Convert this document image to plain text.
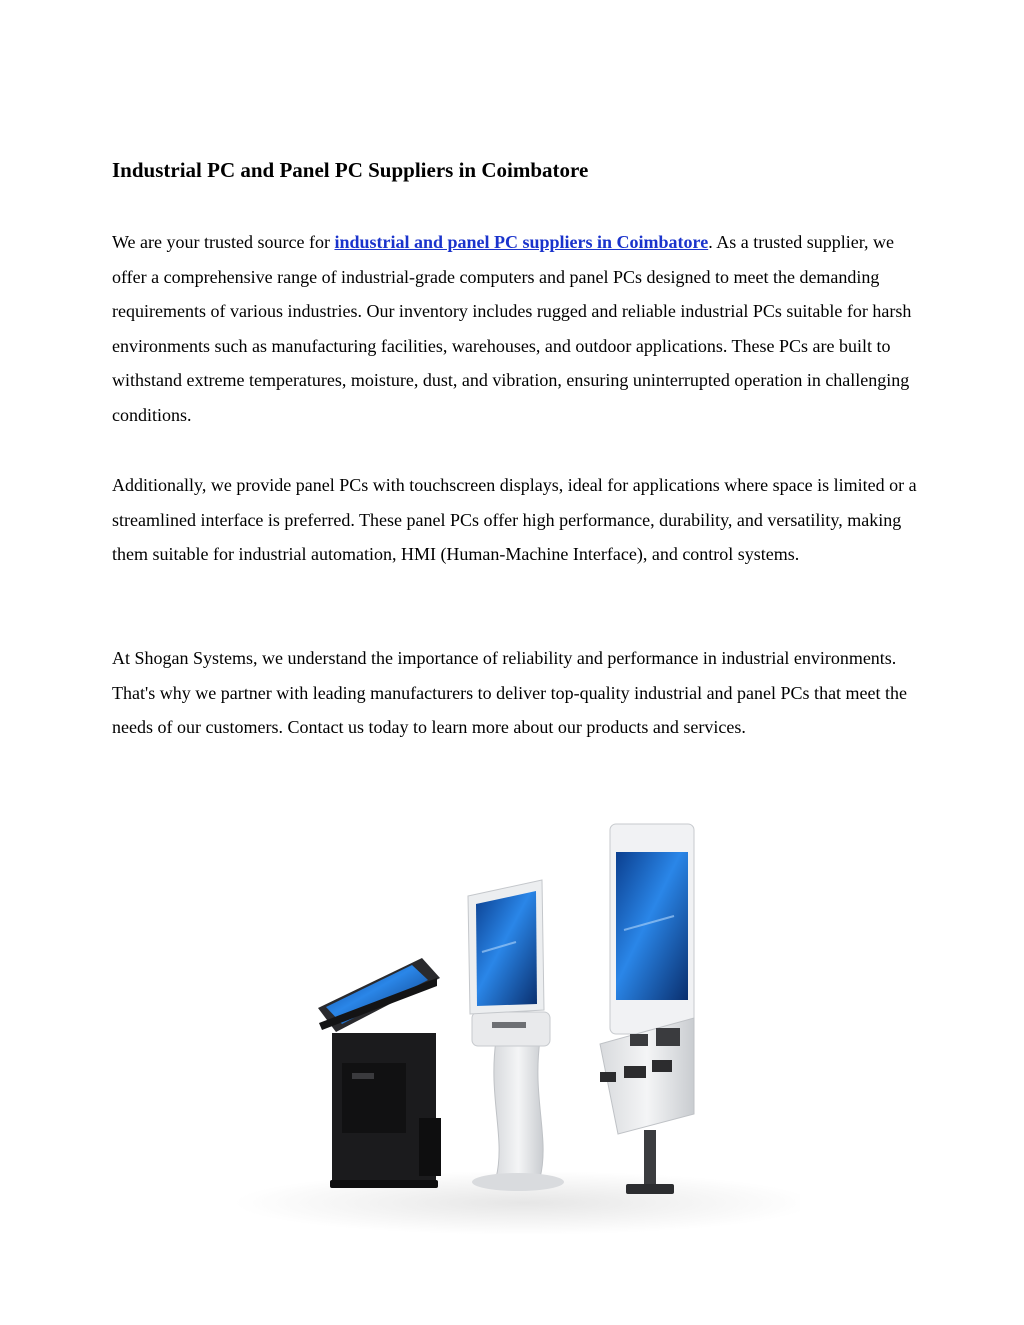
Industrial PC and Panel PC Suppliers in Coimbatore

We are your trusted source for industrial and panel PC suppliers in Coimbatore. As a trusted supplier, we offer a comprehensive range of industrial-grade computers and panel PCs designed to meet the demanding requirements of various industries. Our inventory includes rugged and reliable industrial PCs suitable for harsh environments such as manufacturing facilities, warehouses, and outdoor applications. These PCs are built to withstand extreme temperatures, moisture, dust, and vibration, ensuring uninterrupted operation in challenging conditions.

Additionally, we provide panel PCs with touchscreen displays, ideal for applications where space is limited or a streamlined interface is preferred. These panel PCs offer high performance, durability, and versatility, making them suitable for industrial automation, HMI (Human-Machine Interface), and control systems.

At Shogan Systems, we understand the importance of reliability and performance in industrial environments. That's why we partner with leading manufacturers to deliver top-quality industrial and panel PCs that meet the needs of our customers. Contact us today to learn more about our products and services.
